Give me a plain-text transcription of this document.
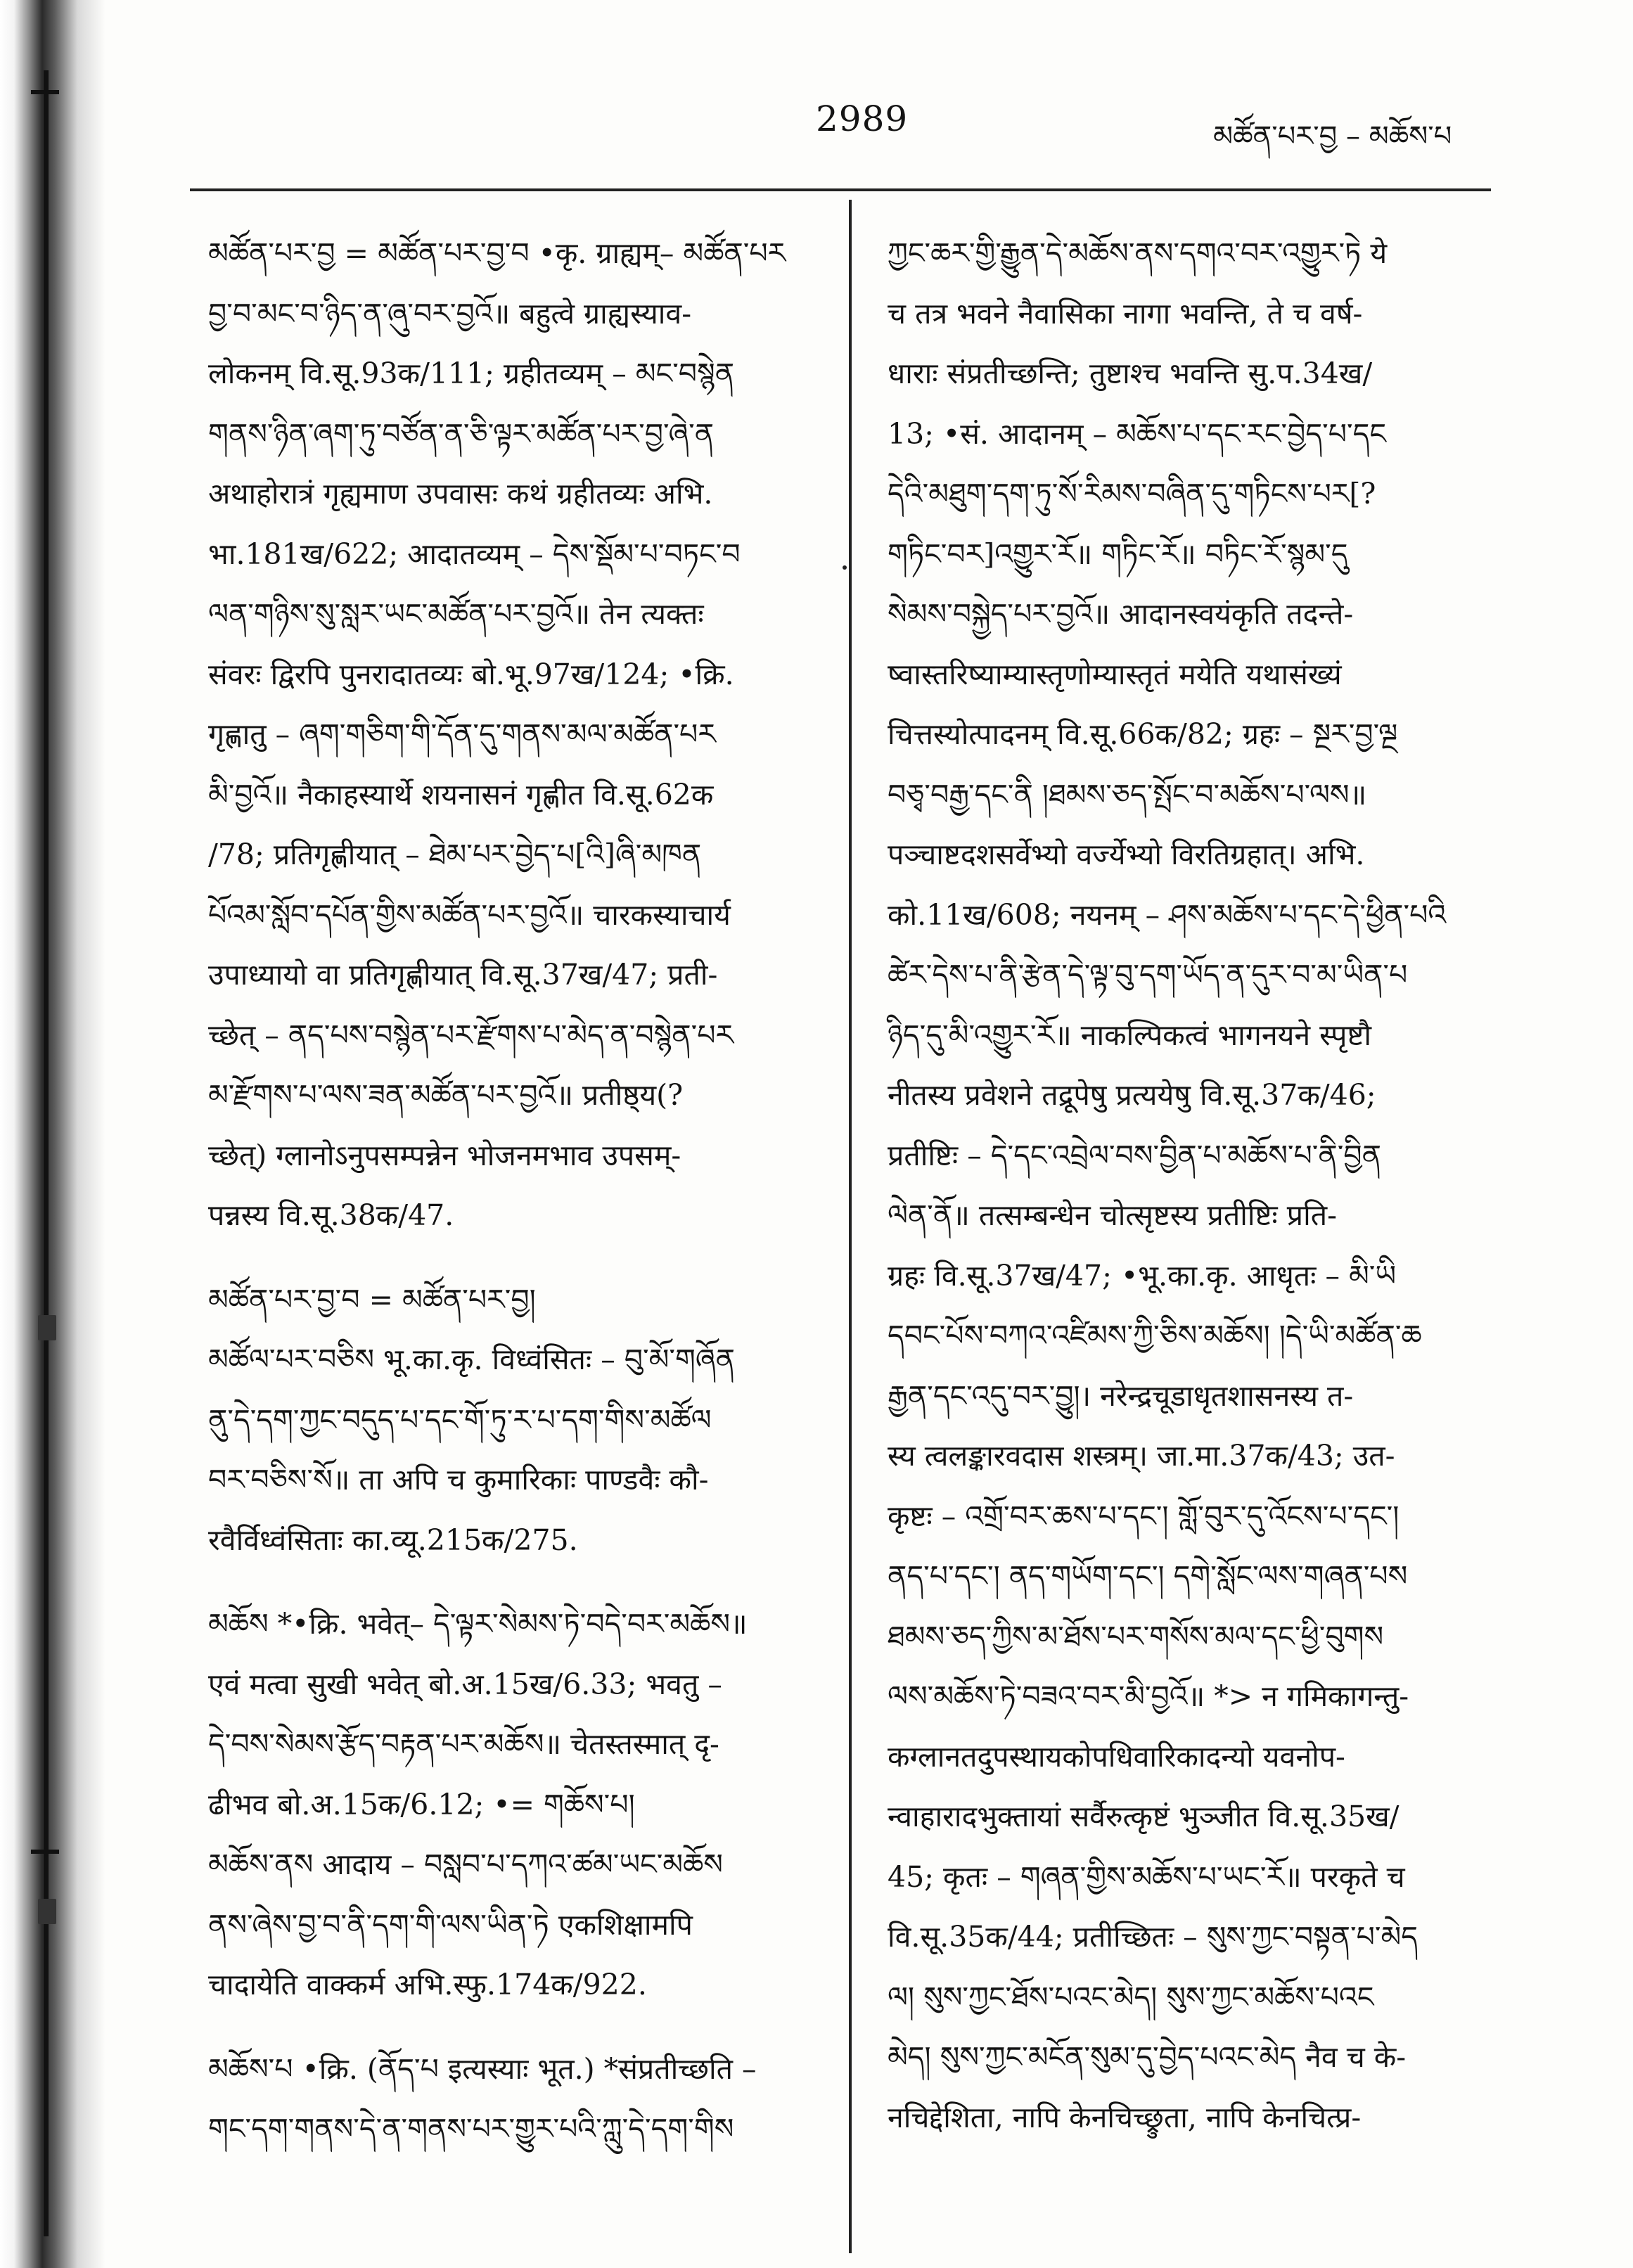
2989	མཚོན་པར་བྱ – མཆོས་པ
མཚོན་པར་བྱ = མཚོན་པར་བྱ་བ •कृ. ग्राह्यम्– མཚོན་པར
བྱ་བ་མང་བ་ཉིད་ན་ཞུ་བར་བྱའོ॥ बहुत्वे ग्राह्यस्याव-
लोकनम् वि.सू.93क/111; ग्रहीतव्यम् – མང་བསྙེན
གནས་ཉིན་ཞག་ཏུ་བཙོན་ན་ཅི་ལྟར་མཚོན་པར་བྱ་ཞེ་ན
अथाहोरात्रं गृह्यमाण उपवासः कथं ग्रहीतव्यः अभि.
भा.181ख/622; आदातव्यम् – དེས་སྡོམ་པ་བཏང་བ
ལན་གཉིས་སུ་སླར་ཡང་མཚོན་པར་བྱའོ॥ तेन त्यक्तः
संवरः द्विरपि पुनरादातव्यः बो.भू.97ख/124; •क्रि.
गृह्णातु – ཞག་གཅིག་གི་དོན་དུ་གནས་མལ་མཚོན་པར
མི་བྱའོ॥ नैकाहस्यार्थे शयनासनं गृह्णीत वि.सू.62क
/78; प्रतिगृह्णीयात् – ཐེམ་པར་བྱེད་པ[འི]ཞི་མཁན
པོའམ་སློབ་དཔོན་གྱིས་མཚོན་པར་བྱའོ॥ चारकस्याचार्य
उपाध्यायो वा प्रतिगृह्णीयात् वि.सू.37ख/47; प्रती-
च्छेत् – ནད་པས་བསྙེན་པར་རྫོགས་པ་མེད་ན་བསྙེན་པར
མ་རྫོགས་པ་ལས་ཟན་མཚོན་པར་བྱའོ॥ प्रतीष्ठ्य(?
च्छेत्) ग्लानोऽनुपसम्पन्नेन भोजनमभाव उपसम्-
पन्नस्य वि.सू.38क/47.
མཚོན་པར་བྱ་བ = མཚོན་པར་བྱ།
མཚོལ་པར་བཅིས भू.का.कृ. विध्वंसितः – བུ་མོ་གཞོན
ནུ་དེ་དག་ཀྱང་བདུད་པ་དང་གོ་ཏུ་ར་པ་དག་གིས་མཚོལ
བར་བཅིས་སོ॥ ता अपि च कुमारिकाः पाण्डवैः कौ-
रवैर्विध्वंसिताः का.व्यू.215क/275.
མཆོས *•क्रि. भवेत्– དེ་ལྟར་སེམས་ཏེ་བདེ་བར་མཆོས॥
एवं मत्वा सुखी भवेत् बो.अ.15ख/6.33; भवतु –
དེ་བས་སེམས་རྩོད་བརྟན་པར་མཆོས॥ चेतस्तस्मात् दृ-
ढीभव बो.अ.15क/6.12; •= གཆོས་པ།
མཆོས་ནས आदाय – བསླབ་པ་དཀའ་ཚམ་ཡང་མཆོས
ནས་ཞེས་བྱ་བ་ནི་དག་གི་ལས་ཡིན་ཏེ एकशिक्षामपि
चादायेति वाक्कर्म अभि.स्फु.174क/922.
མཆོས་པ •क्रि. (ནོད་པ इत्यस्याः भूत.) *संप्रतीच्छति –
གང་དག་གནས་དེ་ན་གནས་པར་གྱུར་པའི་ཀླུ་དེ་དག་གིས
ཀྱང་ཆར་གྱི་རྒྱུན་དེ་མཆོས་ནས་དགའ་བར་འགྱུར་ཏེ ये
च तत्र भवने नैवासिका नागा भवन्ति, ते च वर्ष-
धाराः संप्रतीच्छन्ति; तुष्टाश्च भवन्ति सु.प.34ख/
13; •सं. आदानम् – མཆོས་པ་དང་རང་བྱེད་པ་དང
དེའི་མཐུག་དག་ཏུ་སོ་རིམས་བཞིན་དུ་གཏིངས་པར[?
གཏིང་བར]འགྱུར་རོ॥ གཏིང་རོ॥ བཏིང་རོ་སྙམ་དུ
སེམས་བསྐྱེད་པར་བྱའོ॥ आदानस्वयंकृति तदन्ते-
ष्वास्तरिष्याम्यास्तृणोम्यास्तृतं मयेति यथासंख्यं
चित्तस्योत्पादनम् वि.सू.66क/82; ग्रहः – སྔར་བྱ་ལྔ
བཅྭ་བརྒྱ་དང་ནི །ཐམས་ཅད་སྤོང་བ་མཆོས་པ་ལས॥
पञ्चाष्टदशसर्वेभ्यो वर्ज्येभ्यो विरतिग्रहात्। अभि.
को.11ख/608; नयनम् – ཤས་མཆོས་པ་དང་དེ་ཕྱིན་པའི
ཚེར་དེས་པ་ནི་རྩེན་དེ་ལྟ་བུ་དག་ཡོད་ན་དུར་བ་མ་ཡིན་པ
ཉིད་དུ་མི་འགྱུར་རོ॥ नाकल्पिकत्वं भागनयने स्पृष्टौ
नीतस्य प्रवेशने तद्रूपेषु प्रत्ययेषु वि.सू.37क/46;
प्रतीष्टिः – དེ་དང་འབྲེལ་བས་བྱིན་པ་མཆོས་པ་ནི་བྱིན
ལེན་ནོ॥ तत्सम्बन्धेन चोत्सृष्टस्य प्रतीष्टिः प्रति-
ग्रहः वि.सू.37ख/47; •भू.का.कृ. आधृतः – མི་ཡི
དབང་པོས་བཀའ་འཛིམས་ཀྱི་ཅིས་མཆོས། །དེ་ཡི་མཚོན་ཆ
རྒྱན་དང་འདུ་བར་བྱུ།। नरेन्द्रचूडाधृतशासनस्य त-
स्य त्वलङ्कारवदास शस्त्रम्। जा.मा.37क/43; उत-
कृष्टः – འགྲོ་བར་ཆས་པ་དང་། གློ་བུར་དུ་འོངས་པ་དང་།
ནད་པ་དང་། ནད་གཡོག་དང་། དགེ་སློང་ལས་གཞན་པས
ཐམས་ཅད་ཀྱིས་མ་ཐོས་པར་གསོས་མལ་དང་ཕྱི་བུགས
ལས་མཆོས་ཏེ་བཟའ་བར་མི་བྱའོ॥ *> न गमिकागन्तु-
कग्लानतदुपस्थायकोपधिवारिकादन्यो यवनोप-
न्वाहारादभुक्तायां सर्वैरुत्कृष्टं भुञ्जीत वि.सू.35ख/
45; कृतः – གཞན་གྱིས་མཆོས་པ་ཡང་རོ॥ परकृते च
वि.सू.35क/44; प्रतीच्छितः – སུས་ཀྱང་བསྟན་པ་མེད
ལ། སུས་ཀྱང་ཐོས་པའང་མེད། སུས་ཀྱང་མཆོས་པའང
མེད། སུས་ཀྱང་མངོན་སུམ་དུ་བྱེད་པའང་མེད नैव च के-
नचिद्देशिता, नापि केनचिच्छ्रुता, नापि केनचित्प्र-
